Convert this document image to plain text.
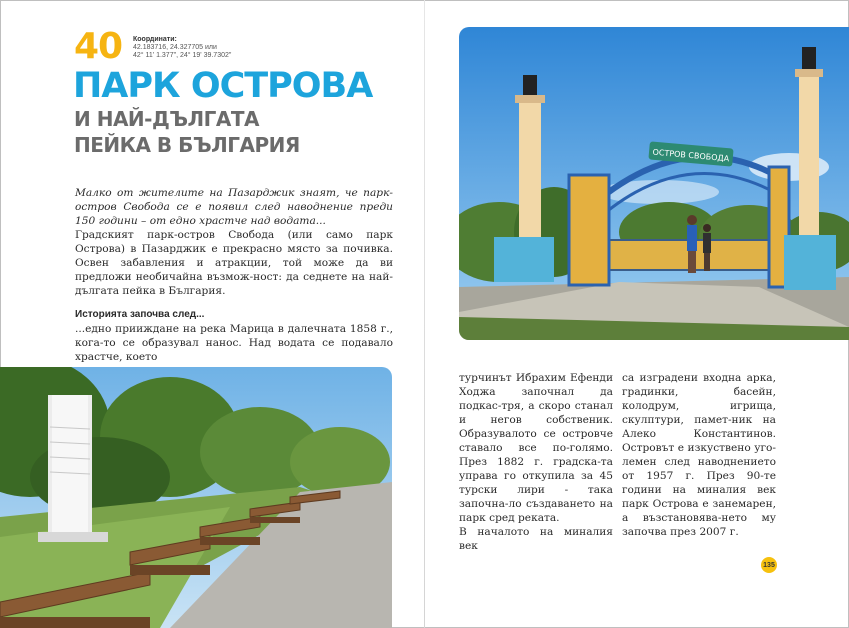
40 Координати:
42.183716, 24.327705 или
42° 11' 1.377", 24° 19' 39.7302"
ПАРК ОСТРОВА
И НАЙ-ДЪЛГАТА
ПЕЙКА В БЪЛГАРИЯ

Малко от жителите на Пазарджик знаят, че парк-остров Свобода се е появил след наводнение преди 150 години – от едно храстче над водата...

Градският парк-остров Свобода (или само парк Острова) в Пазарджик е прекрасно място за почивка. Освен забавления и атракции, той може да ви предложи необичайна възмож-ност: да седнете на най-дългата пейка в България.

Историята започва след...

...едно прииждане на река Марица в далечната 1858 г., кога-то се образувал нанос. Над водата се подавало храстче, което

турчинът Ибрахим Ефенди Ходжа започнал да подкас-тря, а скоро станал и негов собственик. Образувалото се островче ставало все по-голямо. През 1882 г. градска-та управа го откупила за 45 турски лири - така започна-ло създаването на парк сред реката.

В началото на миналия век

са изградени входна арка, градинки, басейн, колодрум, игрища, скулптури, памет-ник на Алеко Константинов. Островът е изкуствено уго-лемен след наводнението от 1957 г. През 90-те години на миналия век парк Острова е занемарен, а възстановява-нето му започва през 2007 г.

ОСТРОВ СВОБОДА
135
